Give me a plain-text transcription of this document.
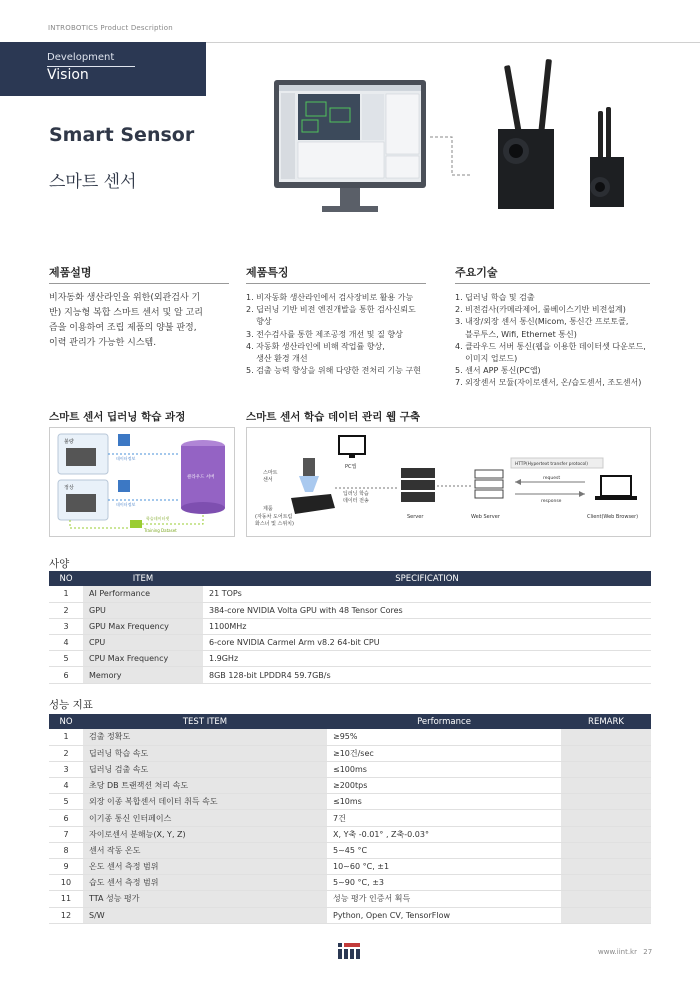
INTROBOTICS Product Description
Development
Vision
Smart Sensor
스마트 센서
제품설명
비자동화 생산라인을 위한(외관검사 기
반) 지능형 복합 스마트 센서 및 알 고리
즘을 이용하여 조립 제품의 양불 판정,
이력 관리가 가능한 시스템.
제품특징
1. 비자동화 생산라인에서 검사장비로 활용 가능
2. 딥러닝 기반 비전 엔진개발을 통한 검사신뢰도
향상
3. 전수검사를 통한 제조공정 개선 및 질 향상
4. 자동화 생산라인에 비해 작업률 향상,
생산 환경 개선
5. 검출 능력 향상을 위해 다양한 전처리 기능 구현
주요기술
1. 딥러닝 학습 및 검출
2. 비전검사(카메라제어, 룰베이스기반 비전설계)
3. 내장/외장 센서 통신(Micom, 통신간 프로토콜,
블루투스, Wifi, Ethernet 통신)
4. 클라우드 서버 통신(웹을 이용한 데이터셋 다운로드,
이미지 업로드)
5. 센서 APP 통신(PC앱)
7. 외장센서 모듈(자이로센서, 온/습도센서, 조도센서)
스마트 센서 딥러닝 학습 과정
불량
정상
데이터정보
데이터정보
클라우드 서버
학습데이터셋
Training Dataset
스마트 센서 학습 데이터 관리 웹 구축
PC앱
스마트
센서
제품
(자동차 도어트림
화스너 및 스위치)
딥러닝 학습
데이터 전송
Server	Web Server
HTTP(Hypertext transfer protocol)
request
response
Client(Web Browser)
사양
NO	ITEM	SPECIFICATION
1	AI Performance	21 TOPs
2	GPU	384-core NVIDIA Volta GPU with 48 Tensor Cores
3	GPU Max Frequency	1100MHz
4	CPU	6-core NVIDIA Carmel Arm v8.2 64-bit CPU
5	CPU Max Frequency	1.9GHz
6	Memory	8GB 128-bit LPDDR4 59.7GB/s
성능 지표
NO	TEST ITEM	Performance	REMARK
1	검출 정확도	≥95%	
2	딥러닝 학습 속도	≥10건/sec	
3	딥러닝 검출 속도	≤100ms	
4	초당 DB 트랜잭션 처리 속도	≥200tps	
5	외장 이종 복합센서 데이터 취득 속도	≤10ms	
6	이기종 통신 인터페이스	7건	
7	자이로센서 분해능(X, Y, Z)	X, Y축 -0.01° , Z축-0.03°	
8	센서 작동 온도	5~45 °C	
9	온도 센서 측정 범위	10~60 °C, ±1	
10	습도 센서 측정 범위	5~90 °C, ±3	
11	TTA 성능 평가	성능 평가 인증서 획득	
12	S/W	Python, Open CV, TensorFlow	
www.iint.kr 27
